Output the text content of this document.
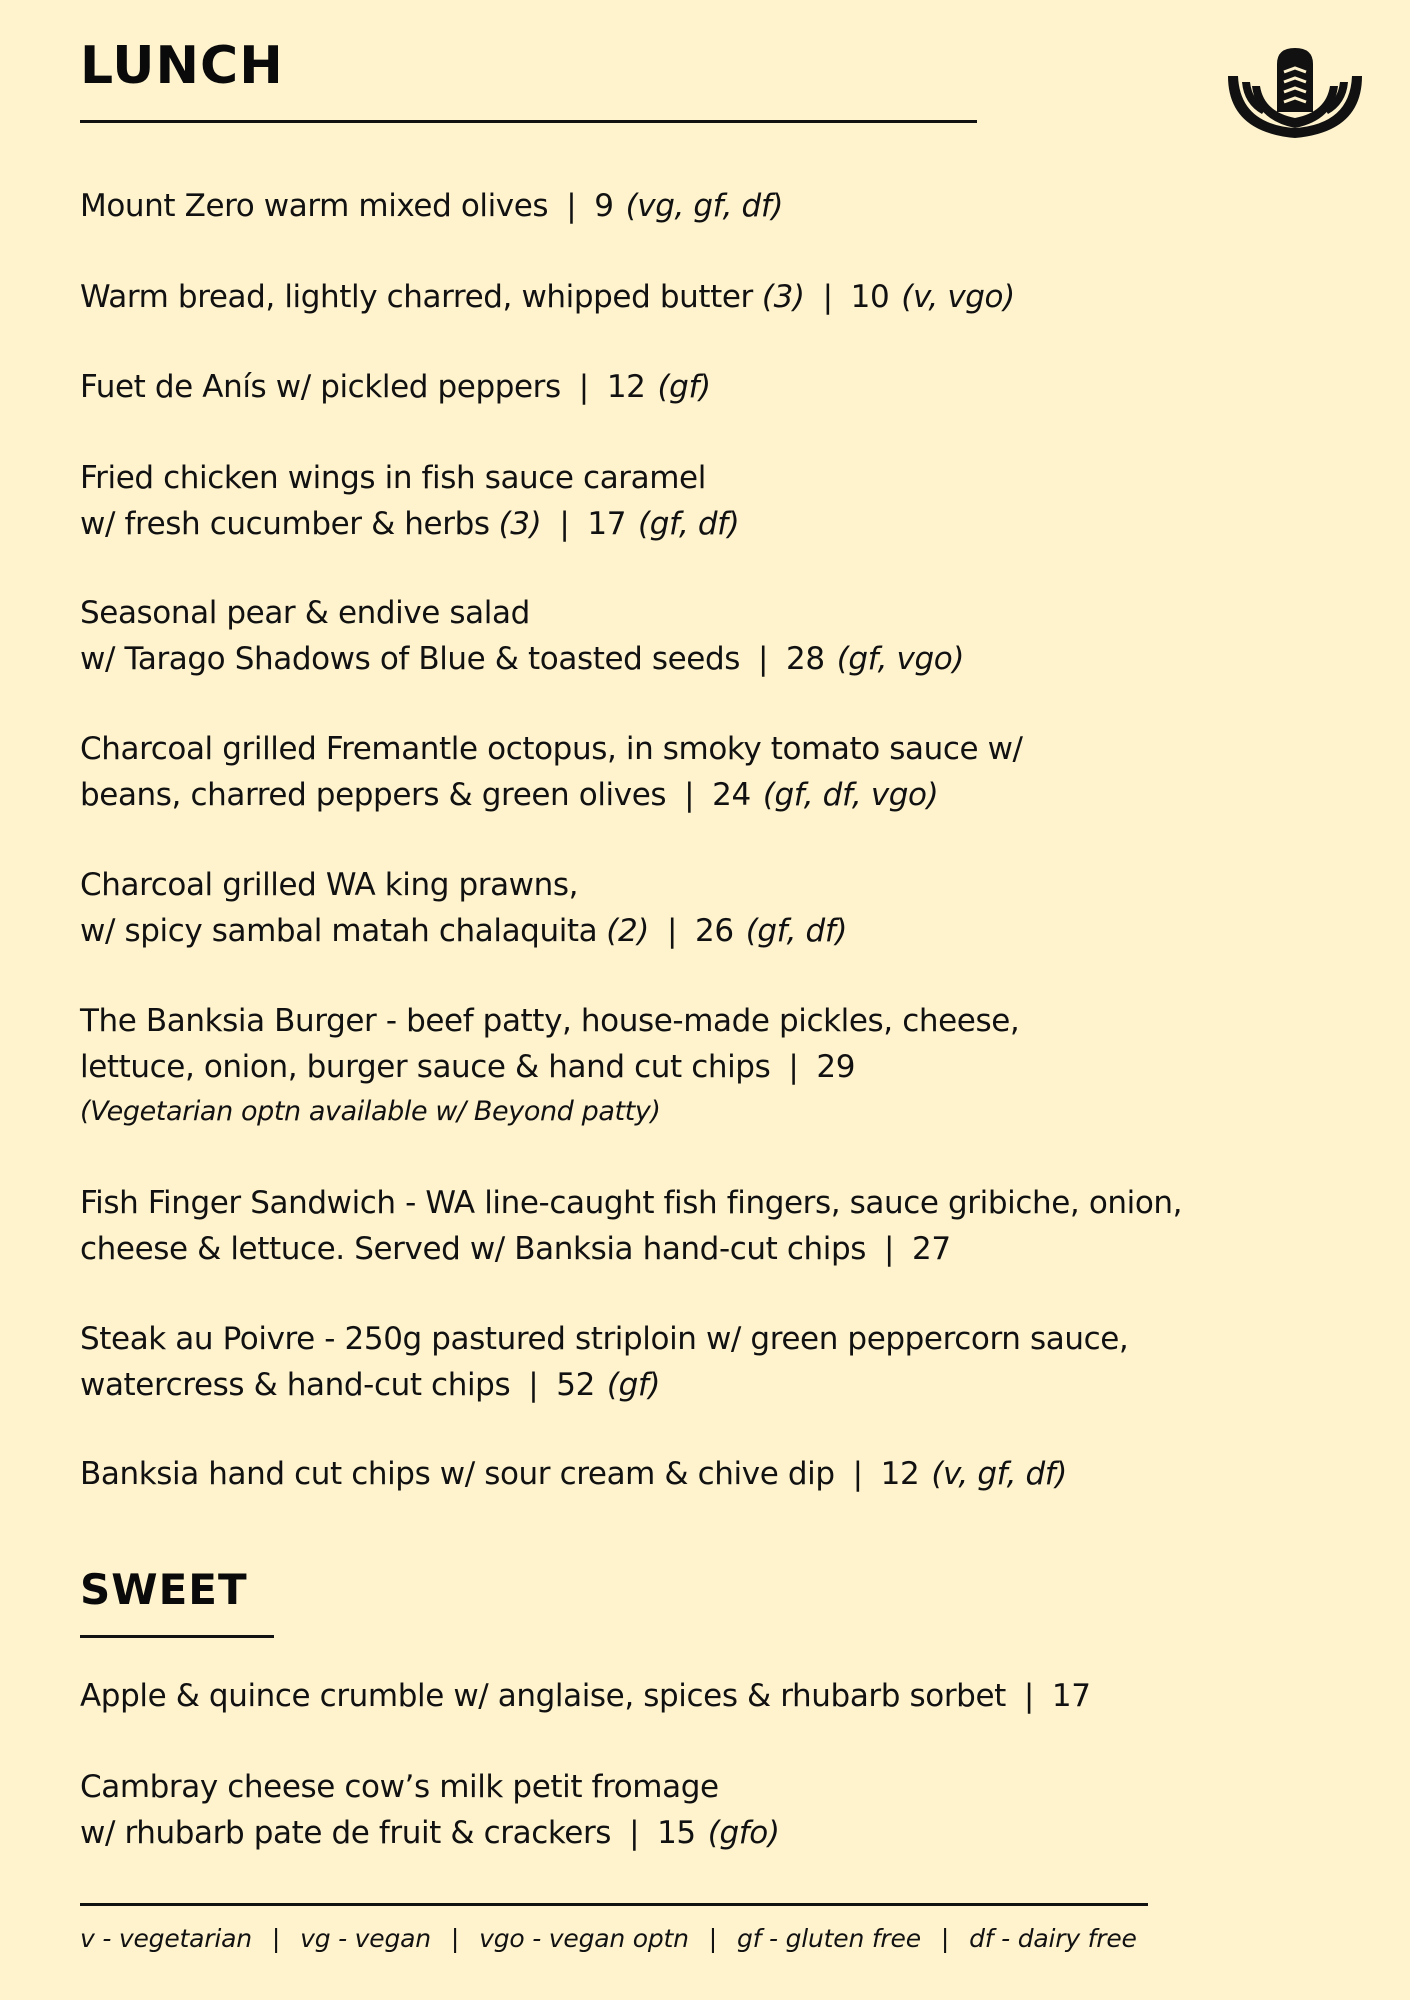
LUNCH
Mount Zero warm mixed olives | 9 (vg, gf, df)
Warm bread, lightly charred, whipped butter (3) | 10 (v, vgo)
Fuet de Anís w/ pickled peppers | 12 (gf)
Fried chicken wings in fish sauce caramel
w/ fresh cucumber & herbs (3) | 17 (gf, df)
Seasonal pear & endive salad
w/ Tarago Shadows of Blue & toasted seeds | 28 (gf, vgo)
Charcoal grilled Fremantle octopus, in smoky tomato sauce w/
beans, charred peppers & green olives | 24 (gf, df, vgo)
Charcoal grilled WA king prawns,
w/ spicy sambal matah chalaquita (2) | 26 (gf, df)
The Banksia Burger - beef patty, house-made pickles, cheese,
lettuce, onion, burger sauce & hand cut chips | 29
(Vegetarian optn available w/ Beyond patty)
Fish Finger Sandwich - WA line-caught fish fingers, sauce gribiche, onion,
cheese & lettuce. Served w/ Banksia hand-cut chips | 27
Steak au Poivre - 250g pastured striploin w/ green peppercorn sauce,
watercress & hand-cut chips | 52 (gf)
Banksia hand cut chips w/ sour cream & chive dip | 12 (v, gf, df)
SWEET
Apple & quince crumble w/ anglaise, spices & rhubarb sorbet | 17
Cambray cheese cow’s milk petit fromage
w/ rhubarb pate de fruit & crackers | 15 (gfo)
v - vegetarian | vg - vegan | vgo - vegan optn | gf - gluten free | df - dairy free
